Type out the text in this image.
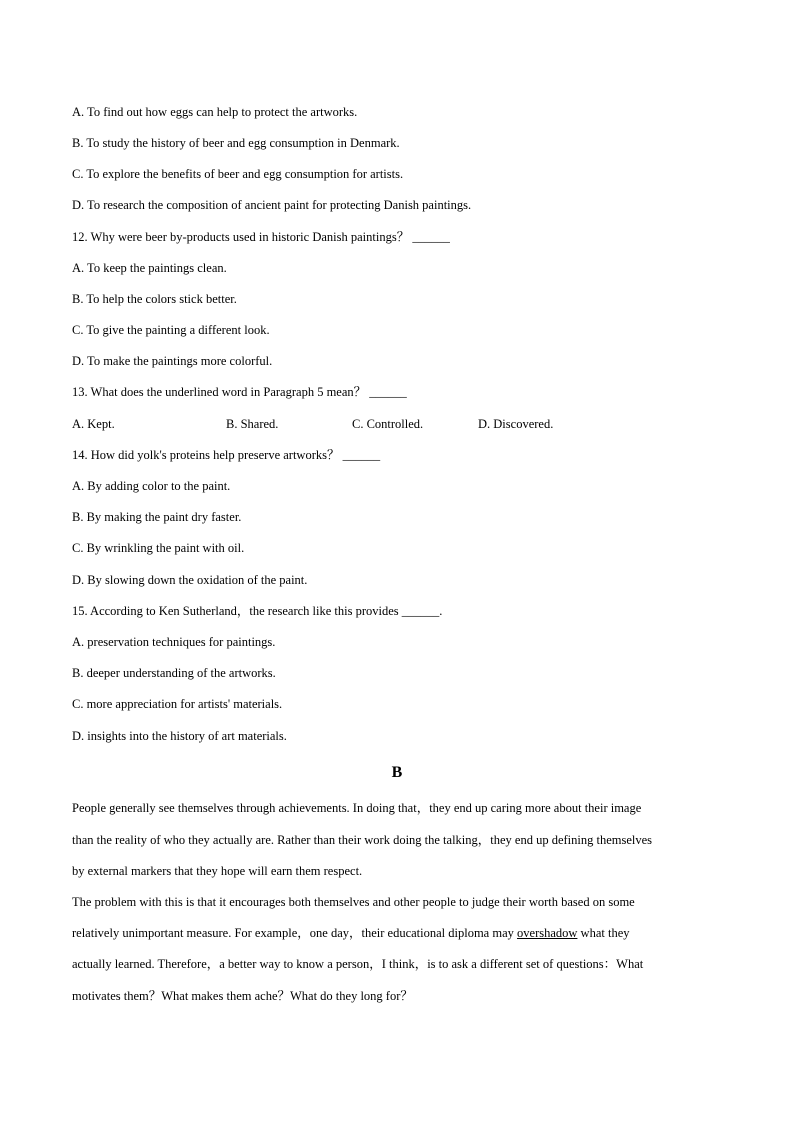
A. To find out how eggs can help to protect the artworks.
B. To study the history of beer and egg consumption in Denmark.
C. To explore the benefits of beer and egg consumption for artists.
D. To research the composition of ancient paint for protecting Danish paintings.
12. Why were beer by-products used in historic Danish paintings？ ______
A. To keep the paintings clean.
B. To help the colors stick better.
C. To give the painting a different look.
D. To make the paintings more colorful.
13. What does the underlined word in Paragraph 5 mean？ ______
A. Kept.	B. Shared.	C. Controlled.	D. Discovered.
14. How did yolk's proteins help preserve artworks？ ______
A. By adding color to the paint.
B. By making the paint dry faster.
C. By wrinkling the paint with oil.
D. By slowing down the oxidation of the paint.
15. According to Ken Sutherland，the research like this provides ______.
A. preservation techniques for paintings.
B. deeper understanding of the artworks.
C. more appreciation for artists' materials.
D. insights into the history of art materials.
B
People generally see themselves through achievements. In doing that，they end up caring more about their image
than the reality of who they actually are. Rather than their work doing the talking，they end up defining themselves
by external markers that they hope will earn them respect.
The problem with this is that it encourages both themselves and other people to judge their worth based on some
relatively unimportant measure. For example，one day，their educational diploma may overshadow what they
actually learned. Therefore，a better way to know a person，I think，is to ask a different set of questions：What
motivates them？What makes them ache？What do they long for？
